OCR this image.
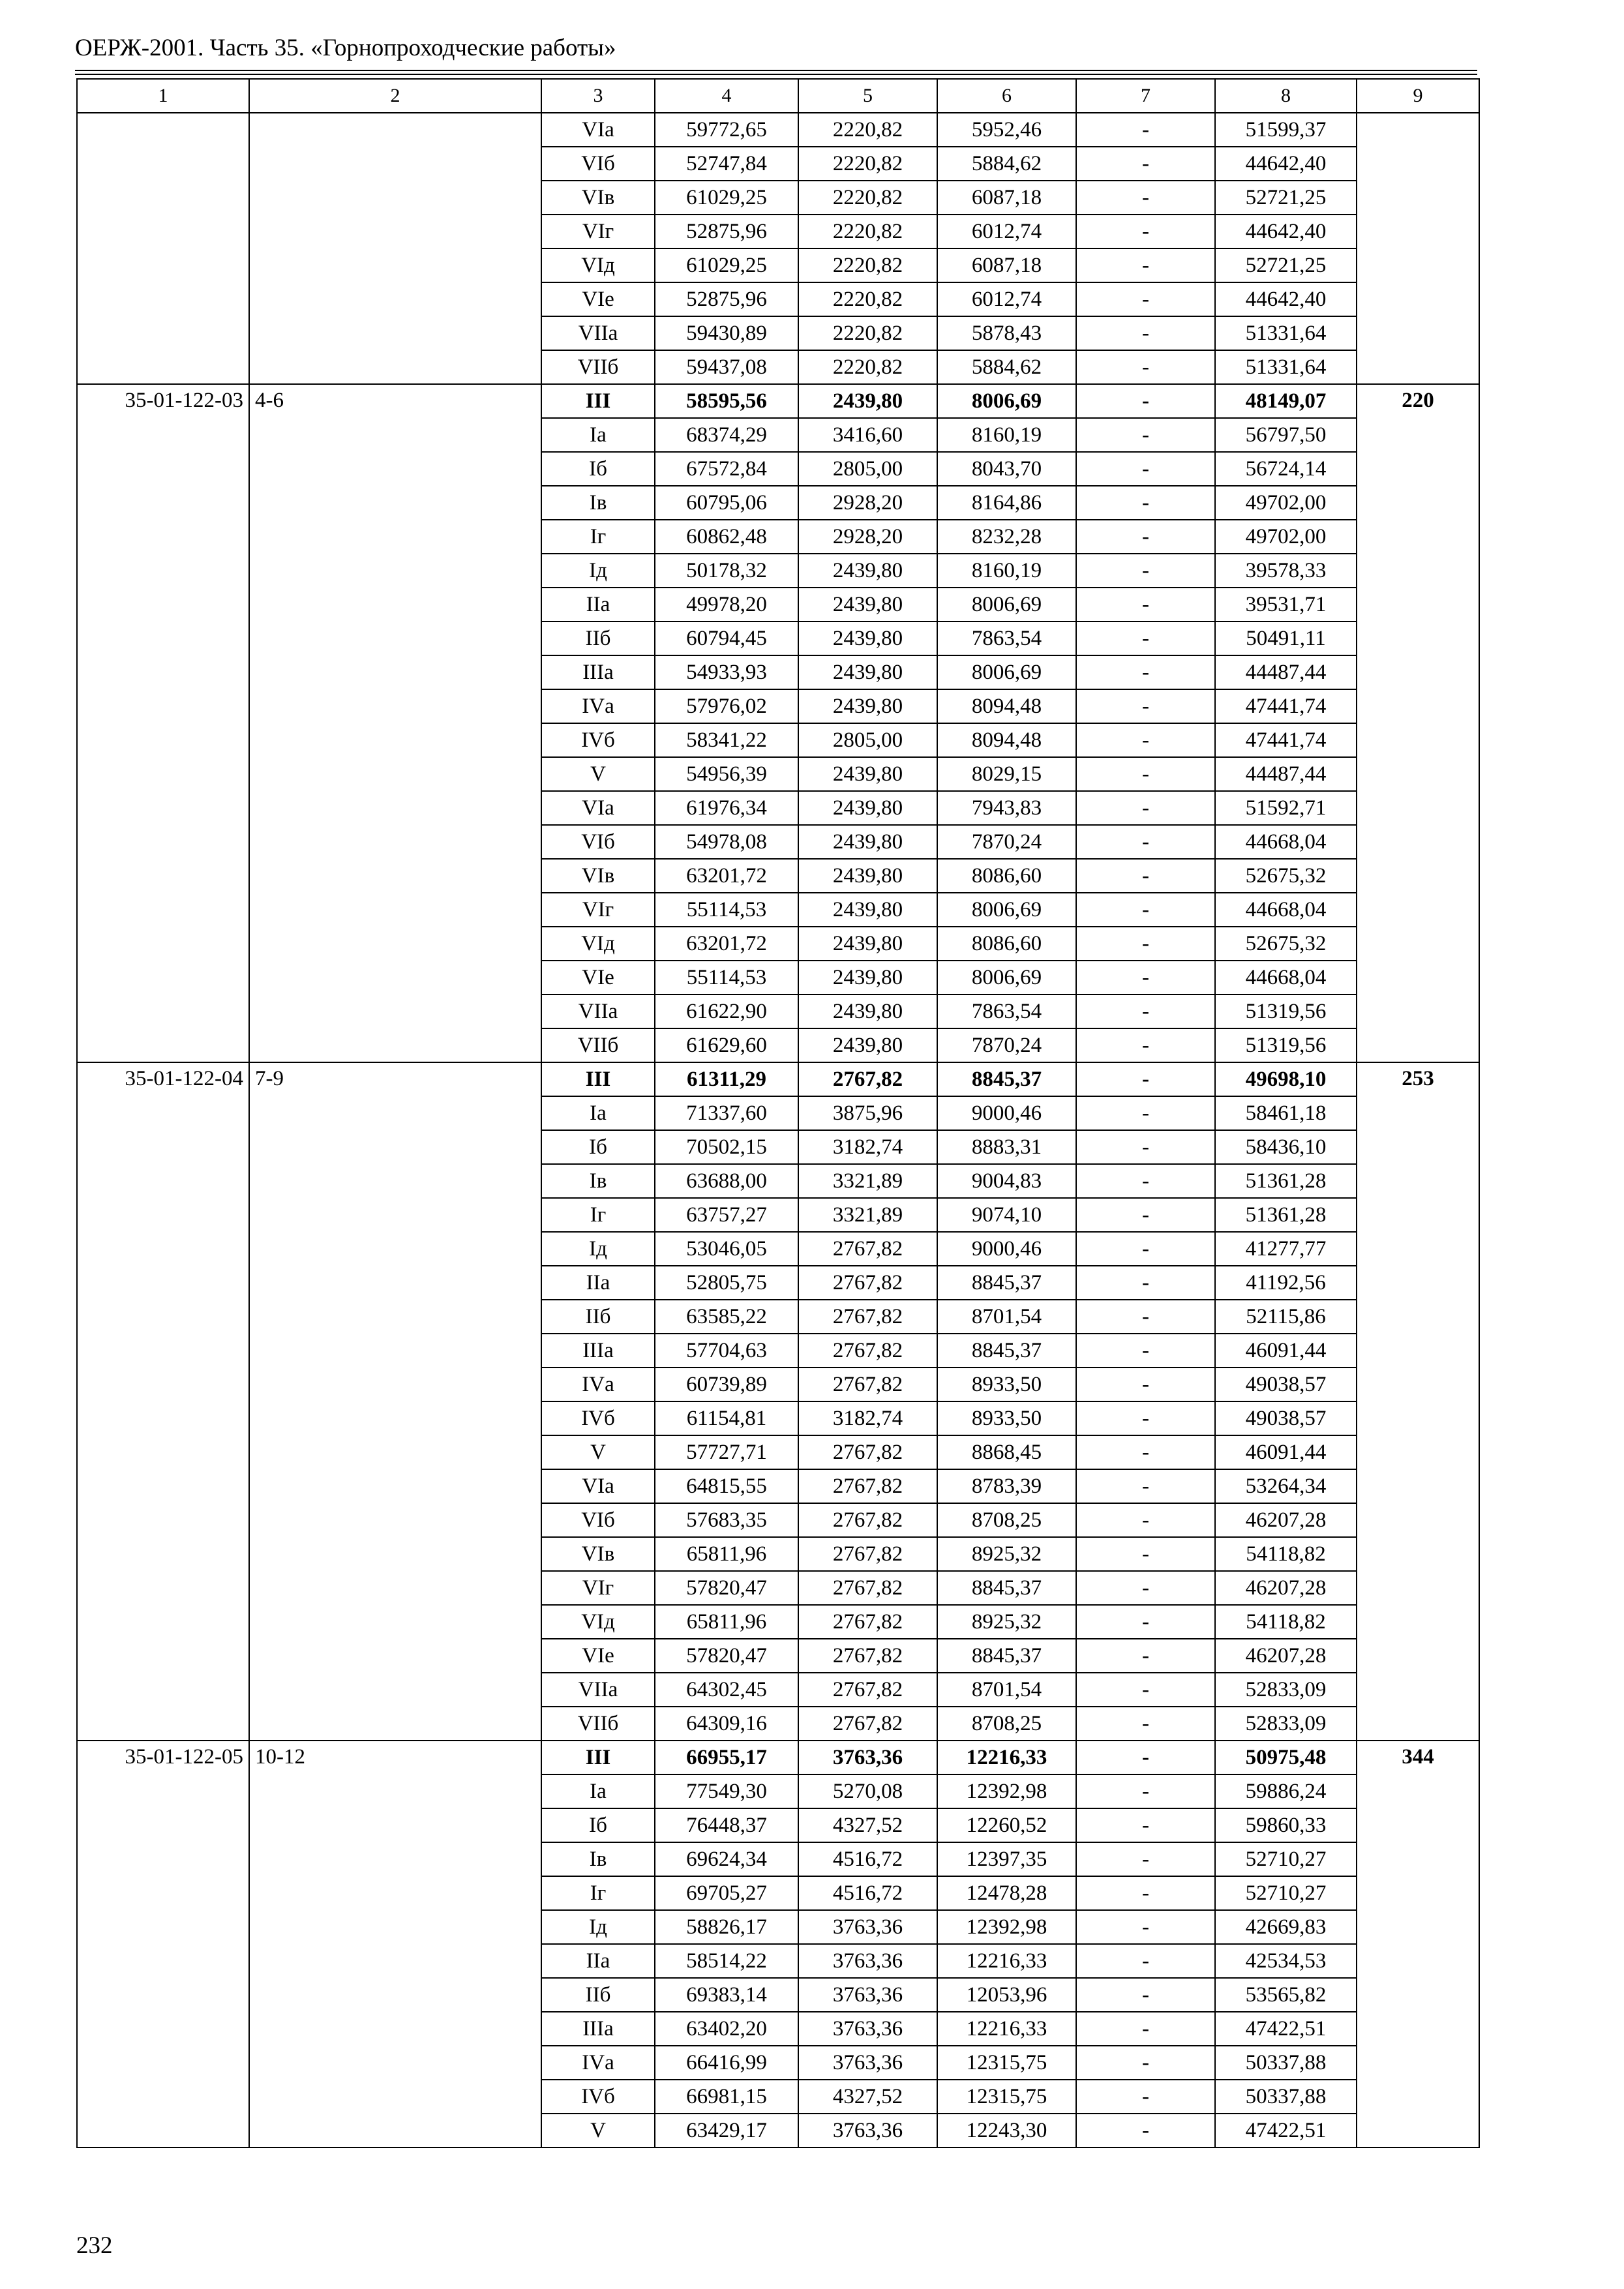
ОЕРЖ-2001. Часть 35. «Горнопроходческие работы»
1	2	3	4	5	6	7	8	9
		VIа	59772,65	2220,82	5952,46	-	51599,37	
		VIб	52747,84	2220,82	5884,62	-	44642,40	
		VIв	61029,25	2220,82	6087,18	-	52721,25	
		VIг	52875,96	2220,82	6012,74	-	44642,40	
		VIд	61029,25	2220,82	6087,18	-	52721,25	
		VIе	52875,96	2220,82	6012,74	-	44642,40	
		VIIа	59430,89	2220,82	5878,43	-	51331,64	
		VIIб	59437,08	2220,82	5884,62	-	51331,64	
35-01-122-03	4-6	III	58595,56	2439,80	8006,69	-	48149,07	220
		Iа	68374,29	3416,60	8160,19	-	56797,50	
		Iб	67572,84	2805,00	8043,70	-	56724,14	
		Iв	60795,06	2928,20	8164,86	-	49702,00	
		Iг	60862,48	2928,20	8232,28	-	49702,00	
		Iд	50178,32	2439,80	8160,19	-	39578,33	
		IIа	49978,20	2439,80	8006,69	-	39531,71	
		IIб	60794,45	2439,80	7863,54	-	50491,11	
		IIIа	54933,93	2439,80	8006,69	-	44487,44	
		IVа	57976,02	2439,80	8094,48	-	47441,74	
		IVб	58341,22	2805,00	8094,48	-	47441,74	
		V	54956,39	2439,80	8029,15	-	44487,44	
		VIа	61976,34	2439,80	7943,83	-	51592,71	
		VIб	54978,08	2439,80	7870,24	-	44668,04	
		VIв	63201,72	2439,80	8086,60	-	52675,32	
		VIг	55114,53	2439,80	8006,69	-	44668,04	
		VIд	63201,72	2439,80	8086,60	-	52675,32	
		VIе	55114,53	2439,80	8006,69	-	44668,04	
		VIIа	61622,90	2439,80	7863,54	-	51319,56	
		VIIб	61629,60	2439,80	7870,24	-	51319,56	
35-01-122-04	7-9	III	61311,29	2767,82	8845,37	-	49698,10	253
		Iа	71337,60	3875,96	9000,46	-	58461,18	
		Iб	70502,15	3182,74	8883,31	-	58436,10	
		Iв	63688,00	3321,89	9004,83	-	51361,28	
		Iг	63757,27	3321,89	9074,10	-	51361,28	
		Iд	53046,05	2767,82	9000,46	-	41277,77	
		IIа	52805,75	2767,82	8845,37	-	41192,56	
		IIб	63585,22	2767,82	8701,54	-	52115,86	
		IIIа	57704,63	2767,82	8845,37	-	46091,44	
		IVа	60739,89	2767,82	8933,50	-	49038,57	
		IVб	61154,81	3182,74	8933,50	-	49038,57	
		V	57727,71	2767,82	8868,45	-	46091,44	
		VIа	64815,55	2767,82	8783,39	-	53264,34	
		VIб	57683,35	2767,82	8708,25	-	46207,28	
		VIв	65811,96	2767,82	8925,32	-	54118,82	
		VIг	57820,47	2767,82	8845,37	-	46207,28	
		VIд	65811,96	2767,82	8925,32	-	54118,82	
		VIе	57820,47	2767,82	8845,37	-	46207,28	
		VIIа	64302,45	2767,82	8701,54	-	52833,09	
		VIIб	64309,16	2767,82	8708,25	-	52833,09	
35-01-122-05	10-12	III	66955,17	3763,36	12216,33	-	50975,48	344
		Iа	77549,30	5270,08	12392,98	-	59886,24	
		Iб	76448,37	4327,52	12260,52	-	59860,33	
		Iв	69624,34	4516,72	12397,35	-	52710,27	
		Iг	69705,27	4516,72	12478,28	-	52710,27	
		Iд	58826,17	3763,36	12392,98	-	42669,83	
		IIа	58514,22	3763,36	12216,33	-	42534,53	
		IIб	69383,14	3763,36	12053,96	-	53565,82	
		IIIа	63402,20	3763,36	12216,33	-	47422,51	
		IVа	66416,99	3763,36	12315,75	-	50337,88	
		IVб	66981,15	4327,52	12315,75	-	50337,88	
		V	63429,17	3763,36	12243,30	-	47422,51	
232
